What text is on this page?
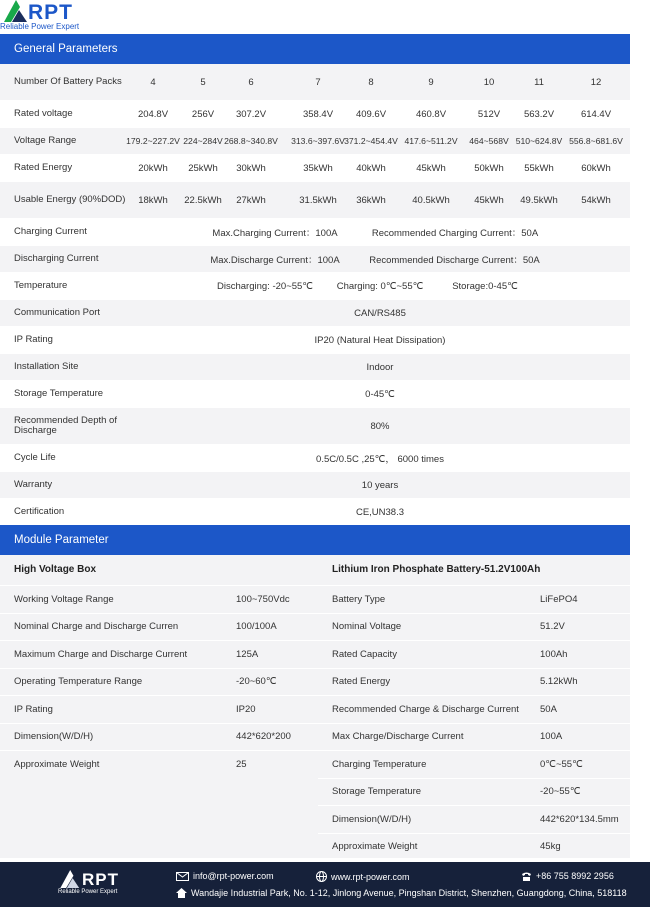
RPT
Reliable Power Expert
General Parameters
Number Of Battery Packs	4	5	6	7	8	9	10	11	12
Rated voltage	204.8V	256V	307.2V	358.4V	409.6V	460.8V	512V	563.2V	614.4V
Voltage Range	179.2~227.2V 224~284V 268.8~340.8V	313.6~397.6V 371.2~454.4V 417.6~511.2V	464~568V 510~624.8V 556.8~681.6V
Rated Energy	20kWh	25kWh	30kWh	35kWh	40kWh	45kWh	50kWh	55kWh	60kWh
Usable Energy (90%DOD)	18kWh	22.5kWh	27kWh	31.5kWh	36kWh	40.5kWh	45kWh	49.5kWh	54kWh
Charging Current	Max.Charging Current：100A	Recommended Charging Current：50A
Discharging Current	Max.Discharge Current：100A	Recommended Discharge Current：50A
Temperature	Discharging: -20~55℃	Charging: 0℃~55℃	Storage:0-45℃
Communication Port	CAN/RS485
IP Rating	IP20 (Natural Heat Dissipation)
Installation Site	Indoor
Storage Temperature	0-45℃
Recommended Depth of Discharge	80%
Cycle Life	0.5C/0.5C ,25℃， 6000 times
Warranty	10 years
Certification	CE,UN38.3
Module Parameter
High Voltage Box
Working Voltage Range	100~750Vdc
Nominal Charge and Discharge Curren	100/100A
Maximum Charge and Discharge Current	125A
Operating Temperature Range	-20~60℃
IP Rating	IP20
Dimension(W/D/H)	442*620*200
Approximate Weight	25
Lithium Iron Phosphate Battery-51.2V100Ah
Battery Type	LiFePO4
Nominal Voltage	51.2V
Rated Capacity	100Ah
Rated Energy	5.12kWh
Recommended Charge & Discharge Current 50A
Max Charge/Discharge Current	100A
Charging Temperature	0℃~55℃
Storage Temperature	-20~55℃
Dimension(W/D/H)	442*620*134.5mm
Approximate Weight	45kg
RPT
Reliable Power Expert
info@rpt-power.com	www.rpt-power.com	+86 755 8992 2956
Wandajie Industrial Park, No. 1-12, Jinlong Avenue, Pingshan District, Shenzhen, Guangdong, China, 518118
